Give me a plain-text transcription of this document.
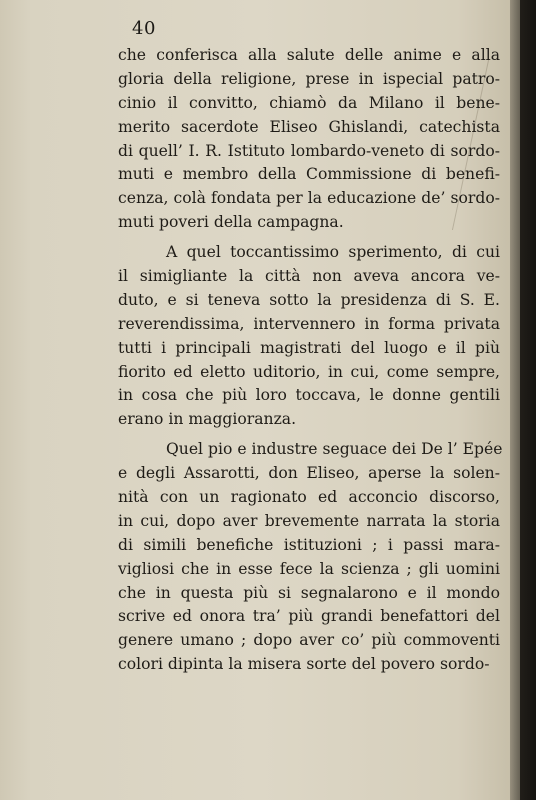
40
che conferisca alla salute delle anime e alla
gloria della religione, prese in ispecial patro-
cinio il convitto, chiamò da Milano il bene-
merito sacerdote Eliseo Ghislandi, catechista
di quell’ I. R. Istituto lombardo-veneto di sordo-
muti e membro della Commissione di benefi-
cenza, colà fondata per la educazione de’ sordo-
muti poveri della campagna.
A quel toccantissimo sperimento, di cui
il simigliante la città non aveva ancora ve-
duto, e si teneva sotto la presidenza di S. E.
reverendissima, intervennero in forma privata
tutti i principali magistrati del luogo e il più
fiorito ed eletto uditorio, in cui, come sempre,
in cosa che più loro toccava, le donne gentili
erano in maggioranza.
Quel pio e industre seguace dei De l’ Epée
e degli Assarotti, don Eliseo, aperse la solen-
nità con un ragionato ed acconcio discorso,
in cui, dopo aver brevemente narrata la storia
di simili benefiche istituzioni ; i passi mara-
vigliosi che in esse fece la scienza ; gli uomini
che in questa più si segnalarono e il mondo
scrive ed onora tra’ più grandi benefattori del
genere umano ; dopo aver co’ più commoventi
colori dipinta la misera sorte del povero sordo-
